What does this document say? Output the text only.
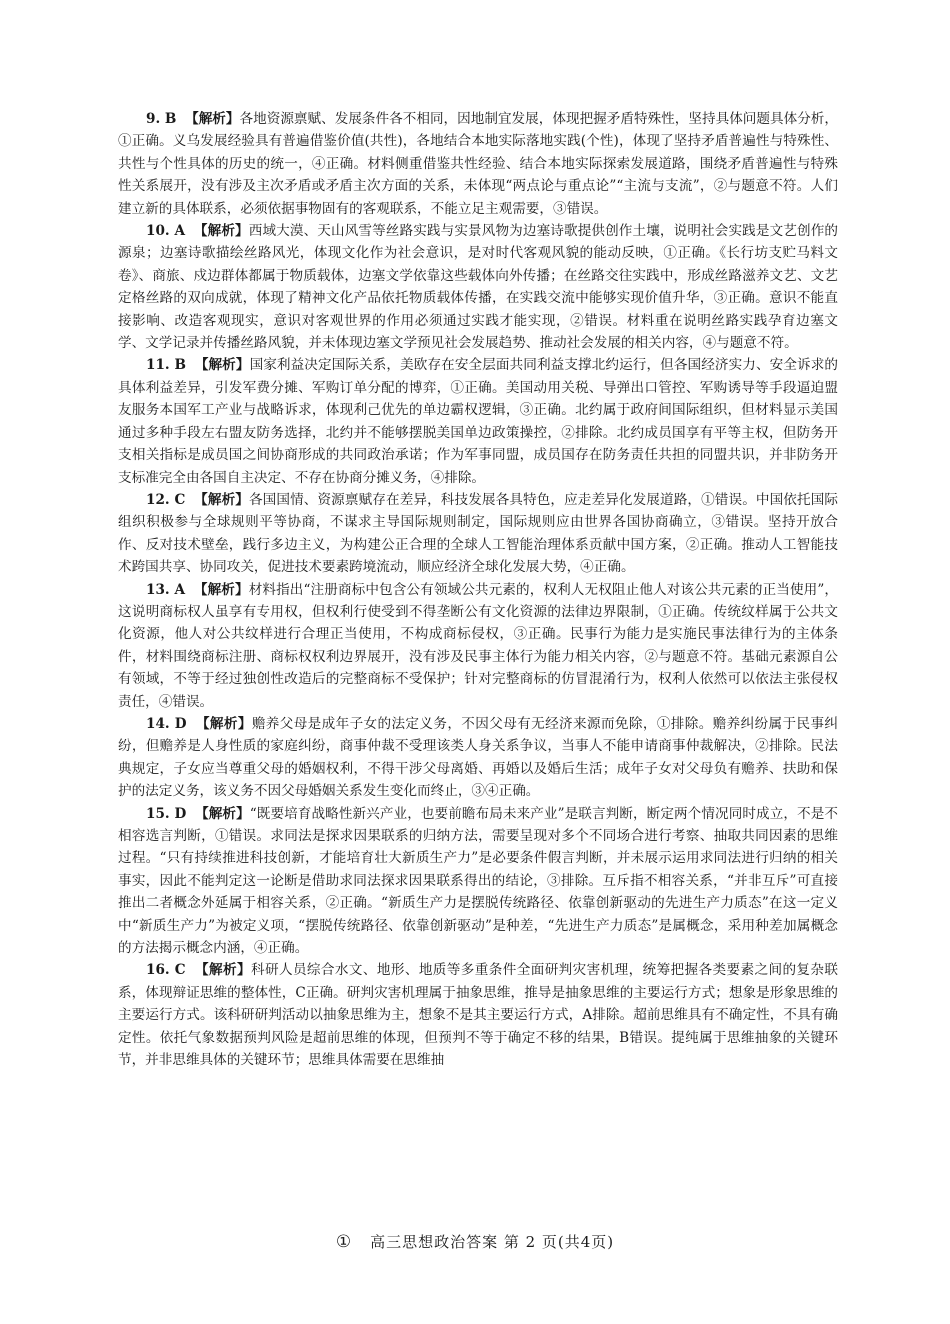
9. B 【解析】各地资源禀赋、发展条件各不相同，因地制宜发展，体现把握矛盾特殊性，坚持具体问题具体分析，①正确。义乌发展经验具有普遍借鉴价值(共性)，各地结合本地实际落地实践(个性)，体现了坚持矛盾普遍性与特殊性、共性与个性具体的历史的统一，④正确。材料侧重借鉴共性经验、结合本地实际探索发展道路，围绕矛盾普遍性与特殊性关系展开，没有涉及主次矛盾或矛盾主次方面的关系，未体现“两点论与重点论”“主流与支流”，②与题意不符。人们建立新的具体联系，必须依据事物固有的客观联系，不能立足主观需要，③错误。

10. A 【解析】西域大漠、天山风雪等丝路实践与实景风物为边塞诗歌提供创作土壤，说明社会实践是文艺创作的源泉；边塞诗歌描绘丝路风光，体现文化作为社会意识，是对时代客观风貌的能动反映，①正确。《长行坊支贮马料文卷》、商旅、戍边群体都属于物质载体，边塞文学依靠这些载体向外传播；在丝路交往实践中，形成丝路滋养文艺、文艺定格丝路的双向成就，体现了精神文化产品依托物质载体传播，在实践交流中能够实现价值升华，③正确。意识不能直接影响、改造客观现实，意识对客观世界的作用必须通过实践才能实现，②错误。材料重在说明丝路实践孕育边塞文学、文学记录并传播丝路风貌，并未体现边塞文学预见社会发展趋势、推动社会发展的相关内容，④与题意不符。

11. B 【解析】国家利益决定国际关系，美欧存在安全层面共同利益支撑北约运行，但各国经济实力、安全诉求的具体利益差异，引发军费分摊、军购订单分配的博弈，①正确。美国动用关税、导弹出口管控、军购诱导等手段逼迫盟友服务本国军工产业与战略诉求，体现利己优先的单边霸权逻辑，③正确。北约属于政府间国际组织，但材料显示美国通过多种手段左右盟友防务选择，北约并不能够摆脱美国单边政策操控，②排除。北约成员国享有平等主权，但防务开支相关指标是成员国之间协商形成的共同政治承诺；作为军事同盟，成员国存在防务责任共担的同盟共识，并非防务开支标准完全由各国自主决定、不存在协商分摊义务，④排除。

12. C 【解析】各国国情、资源禀赋存在差异，科技发展各具特色，应走差异化发展道路，①错误。中国依托国际组织积极参与全球规则平等协商，不谋求主导国际规则制定，国际规则应由世界各国协商确立，③错误。坚持开放合作、反对技术壁垒，践行多边主义，为构建公正合理的全球人工智能治理体系贡献中国方案，②正确。推动人工智能技术跨国共享、协同攻关，促进技术要素跨境流动，顺应经济全球化发展大势，④正确。

13. A 【解析】材料指出“注册商标中包含公有领域公共元素的，权利人无权阻止他人对该公共元素的正当使用”，这说明商标权人虽享有专用权，但权利行使受到不得垄断公有文化资源的法律边界限制，①正确。传统纹样属于公共文化资源，他人对公共纹样进行合理正当使用，不构成商标侵权，③正确。民事行为能力是实施民事法律行为的主体条件，材料围绕商标注册、商标权权利边界展开，没有涉及民事主体行为能力相关内容，②与题意不符。基础元素源自公有领域，不等于经过独创性改造后的完整商标不受保护；针对完整商标的仿冒混淆行为，权利人依然可以依法主张侵权责任，④错误。

14. D 【解析】赡养父母是成年子女的法定义务，不因父母有无经济来源而免除，①排除。赡养纠纷属于民事纠纷，但赡养是人身性质的家庭纠纷，商事仲裁不受理该类人身关系争议，当事人不能申请商事仲裁解决，②排除。民法典规定，子女应当尊重父母的婚姻权利，不得干涉父母离婚、再婚以及婚后生活；成年子女对父母负有赡养、扶助和保护的法定义务，该义务不因父母婚姻关系发生变化而终止，③④正确。

15. D 【解析】“既要培育战略性新兴产业，也要前瞻布局未来产业”是联言判断，断定两个情况同时成立，不是不相容选言判断，①错误。求同法是探求因果联系的归纳方法，需要呈现对多个不同场合进行考察、抽取共同因素的思维过程。“只有持续推进科技创新，才能培育壮大新质生产力”是必要条件假言判断，并未展示运用求同法进行归纳的相关事实，因此不能判定这一论断是借助求同法探求因果联系得出的结论，③排除。互斥指不相容关系，“并非互斥”可直接推出二者概念外延属于相容关系，②正确。“新质生产力是摆脱传统路径、依靠创新驱动的先进生产力质态”在这一定义中“新质生产力”为被定义项，“摆脱传统路径、依靠创新驱动”是种差，“先进生产力质态”是属概念，采用种差加属概念的方法揭示概念内涵，④正确。

16. C 【解析】科研人员综合水文、地形、地质等多重条件全面研判灾害机理，统筹把握各类要素之间的复杂联系，体现辩证思维的整体性，C正确。研判灾害机理属于抽象思维，推导是抽象思维的主要运行方式；想象是形象思维的主要运行方式。该科研研判活动以抽象思维为主，想象不是其主要运行方式，A排除。超前思维具有不确定性，不具有确定性。依托气象数据预判风险是超前思维的体现，但预判不等于确定不移的结果，B错误。提纯属于思维抽象的关键环节，并非思维具体的关键环节；思维具体需要在思维抽

① 高三思想政治答案 第 2 页(共4页)
